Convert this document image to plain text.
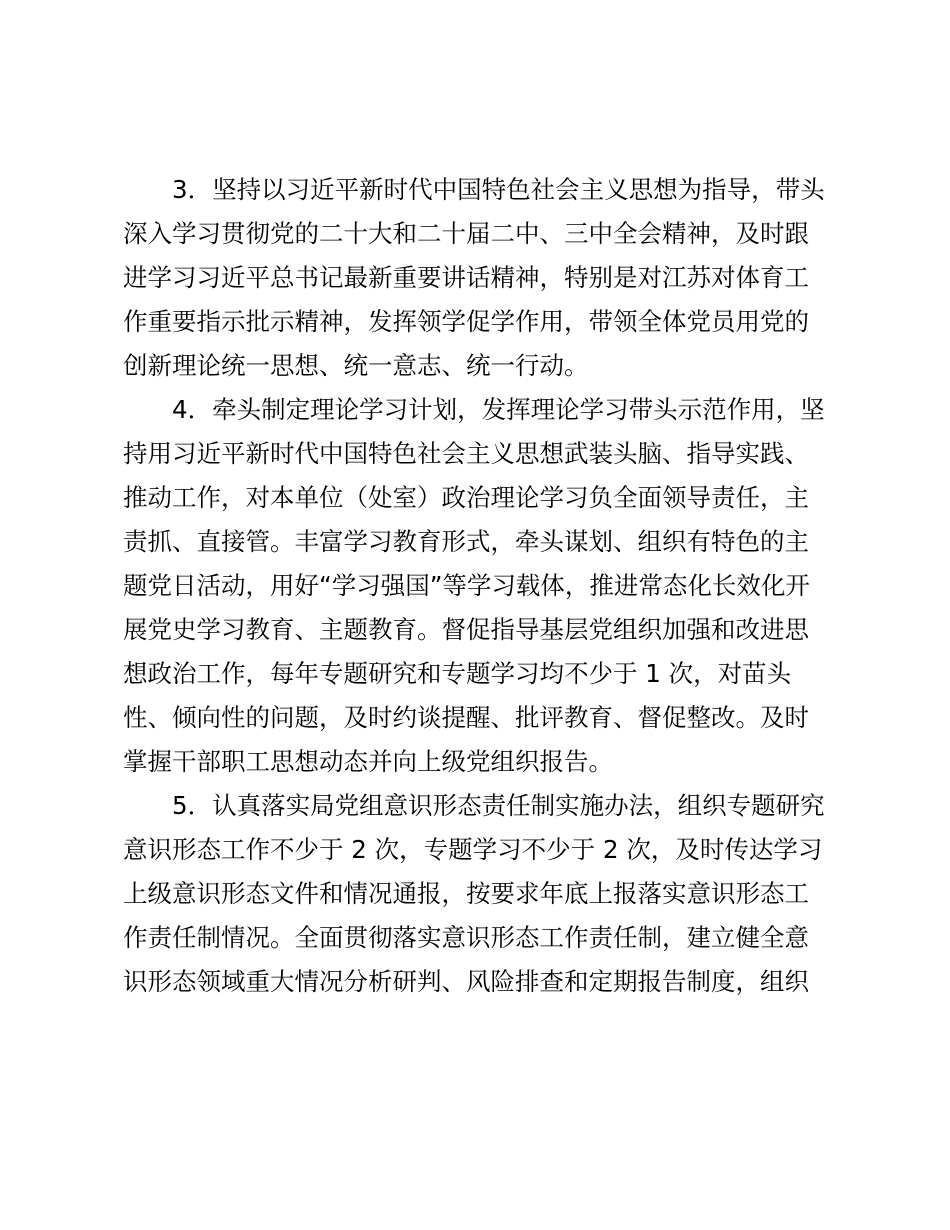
3．坚持以习近平新时代中国特色社会主义思想为指导，带头
深入学习贯彻党的二十大和二十届二中、三中全会精神，及时跟
进学习习近平总书记最新重要讲话精神，特别是对江苏对体育工
作重要指示批示精神，发挥领学促学作用，带领全体党员用党的
创新理论统一思想、统一意志、统一行动。
4．牵头制定理论学习计划，发挥理论学习带头示范作用，坚
持用习近平新时代中国特色社会主义思想武装头脑、指导实践、
推动工作，对本单位（处室）政治理论学习负全面领导责任，主
责抓、直接管。丰富学习教育形式，牵头谋划、组织有特色的主
题党日活动，用好“学习强国”等学习载体，推进常态化长效化开
展党史学习教育、主题教育。督促指导基层党组织加强和改进思
想政治工作，每年专题研究和专题学习均不少于 1 次，对苗头
性、倾向性的问题，及时约谈提醒、批评教育、督促整改。及时
掌握干部职工思想动态并向上级党组织报告。
5．认真落实局党组意识形态责任制实施办法，组织专题研究
意识形态工作不少于 2 次，专题学习不少于 2 次，及时传达学习
上级意识形态文件和情况通报，按要求年底上报落实意识形态工
作责任制情况。全面贯彻落实意识形态工作责任制，建立健全意
识形态领域重大情况分析研判、风险排查和定期报告制度，组织
